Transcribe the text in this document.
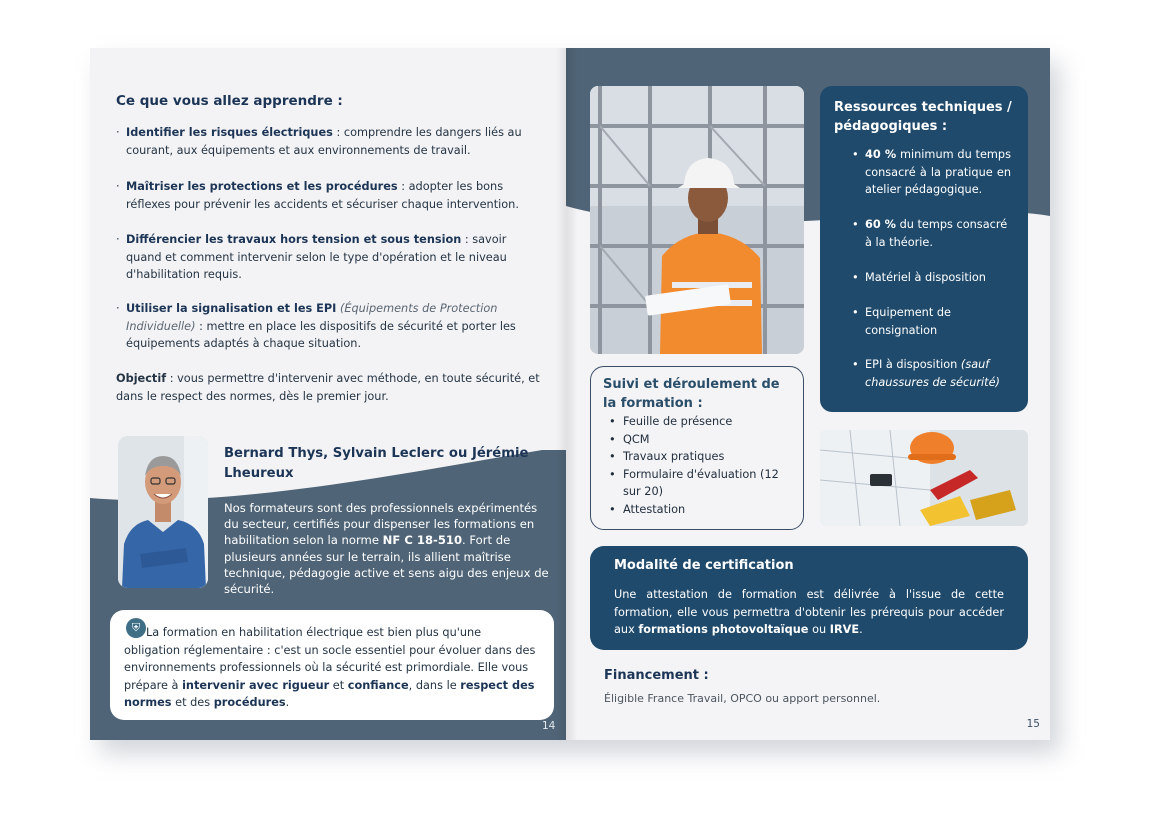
Ce que vous allez apprendre :
· Identifier les risques électriques : comprendre les dangers liés au courant, aux équipements et aux environnements de travail.
· Maîtriser les protections et les procédures : adopter les bons réflexes pour prévenir les accidents et sécuriser chaque intervention.
· Différencier les travaux hors tension et sous tension : savoir quand et comment intervenir selon le type d'opération et le niveau d'habilitation requis.
· Utiliser la signalisation et les EPI (Équipements de Protection Individuelle) : mettre en place les dispositifs de sécurité et porter les équipements adaptés à chaque situation.
Objectif : vous permettre d'intervenir avec méthode, en toute sécurité, et dans le respect des normes, dès le premier jour.
Bernard Thys, Sylvain Leclerc ou Jérémie Lheureux
Nos formateurs sont des professionnels expérimentés du secteur, certifiés pour dispenser les formations en habilitation selon la norme NF C 18-510. Fort de plusieurs années sur le terrain, ils allient maîtrise technique, pédagogie active et sens aigu des enjeux de sécurité.
⛨ La formation en habilitation électrique est bien plus qu'une obligation réglementaire : c'est un socle essentiel pour évoluer dans des environnements professionnels où la sécurité est primordiale. Elle vous prépare à intervenir avec rigueur et confiance, dans le respect des normes et des procédures.
14
Ressources techniques / pédagogiques :
• 40 % minimum du temps consacré à la pratique en atelier pédagogique.
• 60 % du temps consacré à la théorie.
• Matériel à disposition
• Equipement de consignation
• EPI à disposition (sauf chaussures de sécurité)
Suivi et déroulement de la formation :
• Feuille de présence
• QCM
• Travaux pratiques
• Formulaire d'évaluation (12 sur 20)
• Attestation
Modalité de certification
Une attestation de formation est délivrée à l'issue de cette formation, elle vous permettra d'obtenir les prérequis pour accéder aux formations photovoltaïque ou IRVE.
Financement :
Éligible France Travail, OPCO ou apport personnel.
15
